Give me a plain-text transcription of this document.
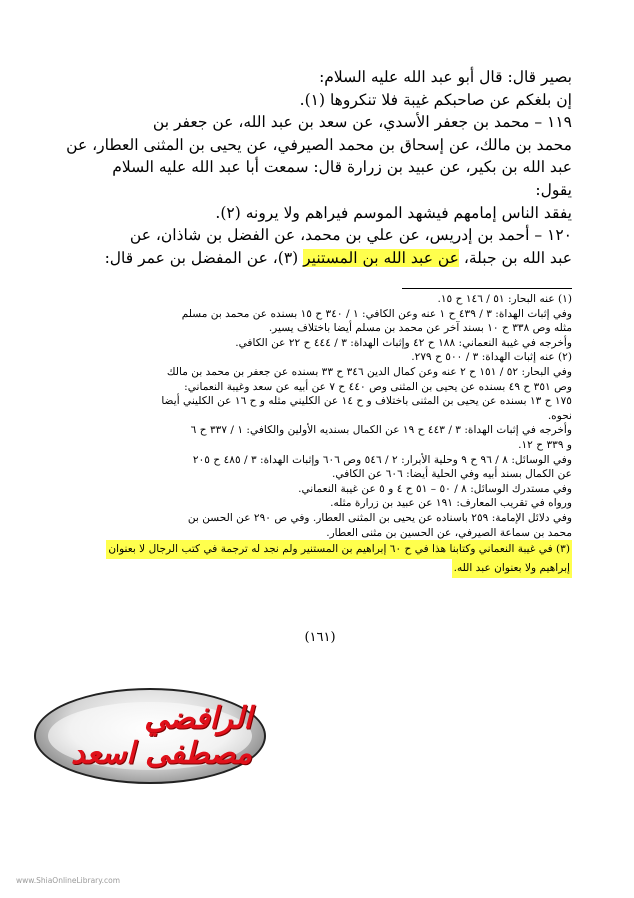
بصير قال: قال أبو عبد الله عليه السلام:

إن بلغكم عن صاحبكم غيبة فلا تنكروها (١).

١١٩ – محمد بن جعفر الأسدي، عن سعد بن عبد الله، عن جعفر بن

محمد بن مالك، عن إسحاق بن محمد الصيرفي، عن يحيى بن المثنى العطار، عن

عبد الله بن بكير، عن عبيد بن زرارة قال: سمعت أبا عبد الله عليه السلام

يقول:

يفقد الناس إمامهم فيشهد الموسم فيراهم ولا يرونه (٢).

١٢٠ – أحمد بن إدريس، عن علي بن محمد، عن الفضل بن شاذان، عن

عبد الله بن جبلة، عن عبد الله بن المستنير (٣)، عن المفضل بن عمر قال:

(١) عنه البحار: ٥١ / ١٤٦ ح ١٥.

وفي إثبات الهداة: ٣ / ٤٣٩ ح ١ عنه وعن الكافي: ١ / ٣٤٠ ح ١٥ بسنده عن محمد بن مسلم

مثله وص ٣٣٨ ح ١٠ بسند آخر عن محمد بن مسلم أيضا باختلاف يسير.

وأخرجه في غيبة النعماني: ١٨٨ ح ٤٢ وإثبات الهداة: ٣ / ٤٤٤ ح ٢٢ عن الكافي.

(٢) عنه إثبات الهداة: ٣ / ٥٠٠ ح ٢٧٩.

وفي البحار: ٥٢ / ١٥١ ح ٢ عنه وعن كمال الدين ٣٤٦ ح ٣٣ بسنده عن جعفر بن محمد بن مالك

وص ٣٥١ ح ٤٩ بسنده عن يحيى بن المثنى وص ٤٤٠ ح ٧ عن أبيه عن سعد وغيبة النعماني:

١٧٥ ح ١٣ بسنده عن يحيى بن المثنى باختلاف و ح ١٤ عن الكليني مثله و ح ١٦ عن الكليني أيضا

نحوه.

وأخرجه في إثبات الهداة: ٣ / ٤٤٣ ح ١٩ عن الكمال بسنديه الأولين والكافي: ١ / ٣٣٧ ح ٦

و ٣٣٩ ح ١٢.

وفي الوسائل: ٨ / ٩٦ ح ٩ وحلية الأبرار: ٢ / ٥٤٦ وص ٦٠٦ وإثبات الهداة: ٣ / ٤٨٥ ح ٢٠٥

عن الكمال بسند أبيه وفي الحلية أيضا: ٦٠٦ عن الكافي.

وفي مستدرك الوسائل: ٨ / ٥٠ – ٥١ ح ٤ و ٥ عن غيبة النعماني.

ورواه في تقريب المعارف: ١٩١ عن عبيد بن زرارة مثله.

وفي دلائل الإمامة: ٢٥٩ باسناده عن يحيى بن المثنى العطار. وفي ص ٢٩٠ عن الحسن بن

محمد بن سماعة الصيرفي، عن الحسين بن مثنى العطار.

(٣) في غيبة النعماني وكتابنا هذا في ح ٦٠ إبراهيم بن المستنير ولم نجد له ترجمة في كتب الرجال لا بعنوان

إبراهيم ولا بعنوان عبد الله.

(١٦١)
الرافضي مصطفى اسعد
www.ShiaOnlineLibrary.com
